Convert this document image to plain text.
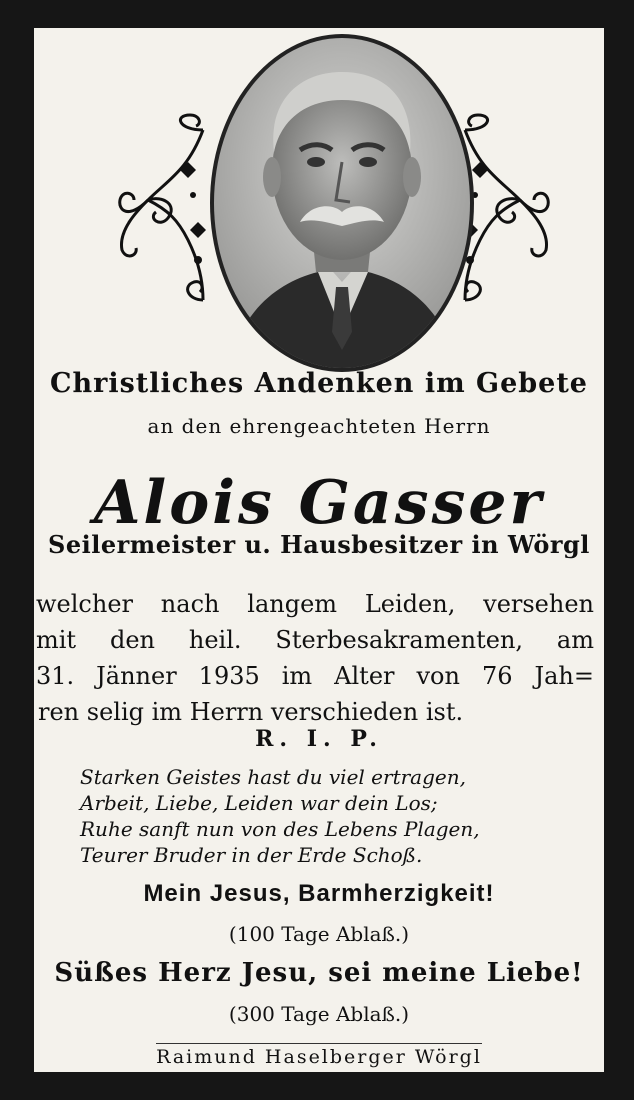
Christliches Andenken im Gebete
an den ehrengeachteten Herrn
Alois Gasser
Seilermeister u. Hausbesitzer in Wörgl
welcher nach langem Leiden, versehen
mit den heil. Sterbesakramenten, am
31. Jänner 1935 im Alter von 76 Jah=
ren selig im Herrn verschieden ist.
R. I. P.
Starken Geistes hast du viel ertragen,
Arbeit, Liebe, Leiden war dein Los;
Ruhe sanft nun von des Lebens Plagen,
Teurer Bruder in der Erde Schoß.
Mein Jesus, Barmherzigkeit!
(100 Tage Ablaß.)
Süßes Herz Jesu, sei meine Liebe!
(300 Tage Ablaß.)
Raimund Haselberger Wörgl
